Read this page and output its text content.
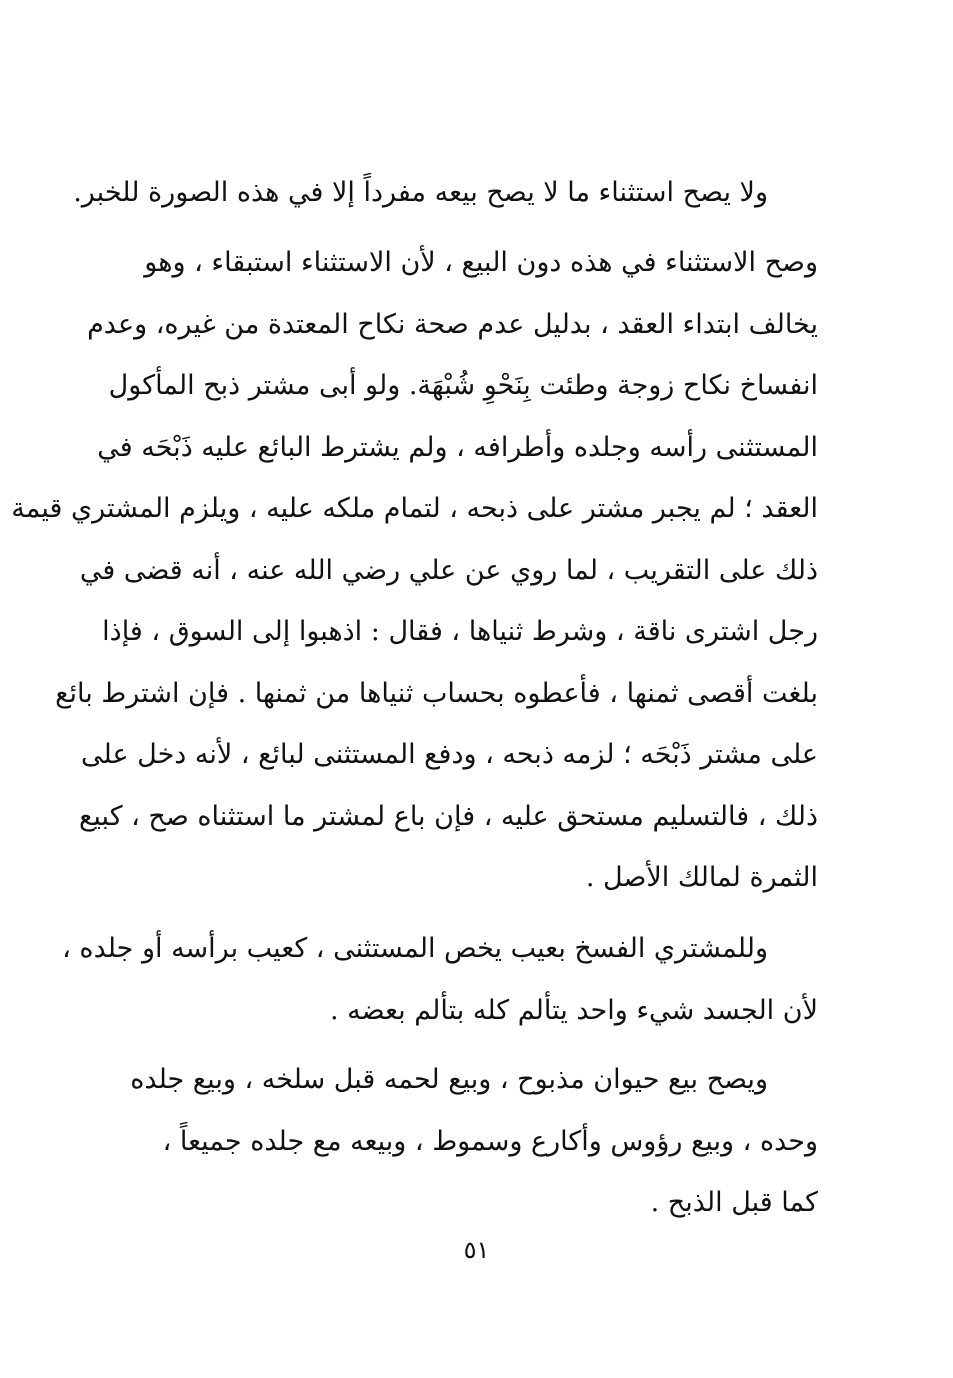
ولا يصح استثناء ما لا يصح بيعه مفرداً إلا في هذه الصورة للخبر.
وصح الاستثناء في هذه دون البيع ، لأن الاستثناء استبقاء ، وهو
يخالف ابتداء العقد ، بدليل عدم صحة نكاح المعتدة من غيره، وعدم
انفساخ نكاح زوجة وطئت بِنَحْوِ شُبْهَة. ولو أبى مشتر ذبح المأكول
المستثنى رأسه وجلده وأطرافه ، ولم يشترط البائع عليه ذَبْحَه في
العقد ؛ لم يجبر مشتر على ذبحه ، لتمام ملكه عليه ، ويلزم المشتري قيمة
ذلك على التقريب ، لما روي عن علي رضي الله عنه ، أنه قضى في
رجل اشترى ناقة ، وشرط ثنياها ، فقال : اذهبوا إلى السوق ، فإذا
بلغت أقصى ثمنها ، فأعطوه بحساب ثنياها من ثمنها . فإن اشترط بائع
على مشتر ذَبْحَه ؛ لزمه ذبحه ، ودفع المستثنى لبائع ، لأنه دخل على
ذلك ، فالتسليم مستحق عليه ، فإن باع لمشتر ما استثناه صح ، كبيع
الثمرة لمالك الأصل .
وللمشتري الفسخ بعيب يخص المستثنى ، كعيب برأسه أو جلده ،
لأن الجسد شيء واحد يتألم كله بتألم بعضه .
ويصح بيع حيوان مذبوح ، وبيع لحمه قبل سلخه ، وبيع جلده
وحده ، وبيع رؤوس وأكارع وسموط ، وبيعه مع جلده جميعاً ،
كما قبل الذبح .
٥١
